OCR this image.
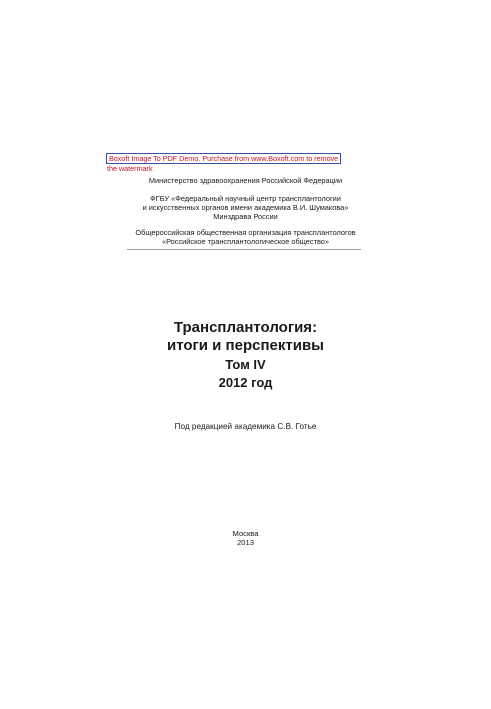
Boxoft Image To PDF Demo. Purchase from www.Boxoft.com to remove
the watermark
Министерство здравоохранения Российской Федерации
ФГБУ «Федеральный научный центр трансплантологии
и искусственных органов имени академика В.И. Шумакова»
Минздрава России
Общероссийская общественная организация трансплантологов
«Российское трансплантологическое общество»
Трансплантология:
итоги и перспективы
Том IV
2012 год
Под редакцией академика С.В. Готье
Москва
2013
